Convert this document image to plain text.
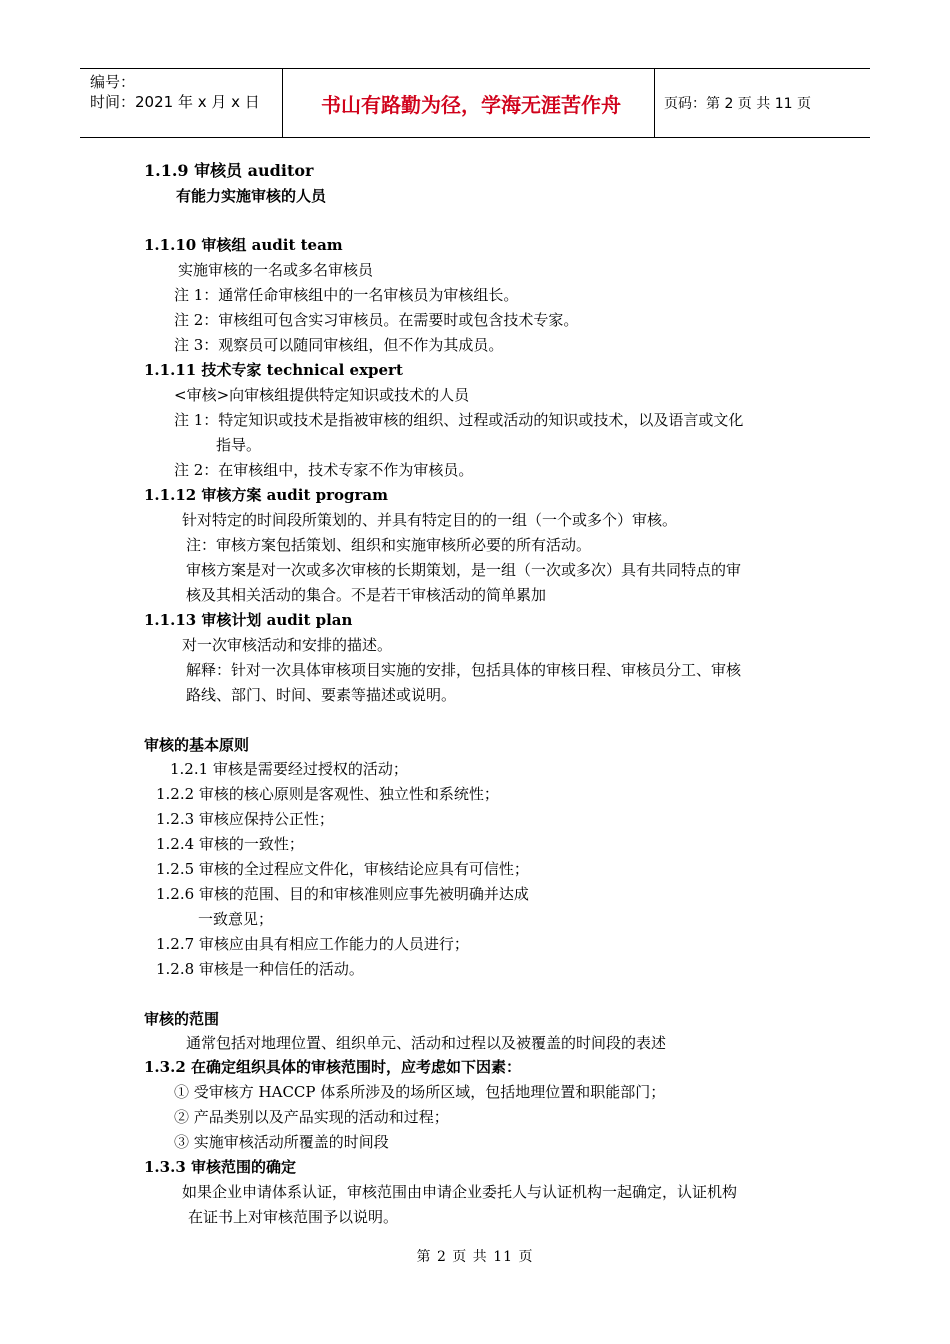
编号：
时间：2021 年 x 月 x 日	书山有路勤为径，学海无涯苦作舟	页码：第 2 页 共 11 页
1.1.9 审核员 auditor
有能力实施审核的人员
1.1.10 审核组 audit team
实施审核的一名或多名审核员
注 1：通常任命审核组中的一名审核员为审核组长。
注 2：审核组可包含实习审核员。在需要时或包含技术专家。
注 3：观察员可以随同审核组，但不作为其成员。
1.1.11 技术专家 technical expert
<审核>向审核组提供特定知识或技术的人员
注 1：特定知识或技术是指被审核的组织、过程或活动的知识或技术，以及语言或文化
指导。
注 2：在审核组中，技术专家不作为审核员。
1.1.12 审核方案 audit program
针对特定的时间段所策划的、并具有特定目的的一组（一个或多个）审核。
注：审核方案包括策划、组织和实施审核所必要的所有活动。
审核方案是对一次或多次审核的长期策划，是一组（一次或多次）具有共同特点的审
核及其相关活动的集合。不是若干审核活动的简单累加
1.1.13 审核计划 audit plan
对一次审核活动和安排的描述。
解释：针对一次具体审核项目实施的安排，包括具体的审核日程、审核员分工、审核
路线、部门、时间、要素等描述或说明。
审核的基本原则
1.2.1 审核是需要经过授权的活动；
1.2.2 审核的核心原则是客观性、独立性和系统性；
1.2.3 审核应保持公正性；
1.2.4 审核的一致性；
1.2.5 审核的全过程应文件化，审核结论应具有可信性；
1.2.6 审核的范围、目的和审核准则应事先被明确并达成
一致意见；
1.2.7 审核应由具有相应工作能力的人员进行；
1.2.8 审核是一种信任的活动。
审核的范围
通常包括对地理位置、组织单元、活动和过程以及被覆盖的时间段的表述
1.3.2 在确定组织具体的审核范围时，应考虑如下因素：
① 受审核方 HACCP 体系所涉及的场所区域，包括地理位置和职能部门；
② 产品类别以及产品实现的活动和过程；
③ 实施审核活动所覆盖的时间段
1.3.3 审核范围的确定
如果企业申请体系认证，审核范围由申请企业委托人与认证机构一起确定，认证机构
在证书上对审核范围予以说明。
第 2 页 共 11 页
